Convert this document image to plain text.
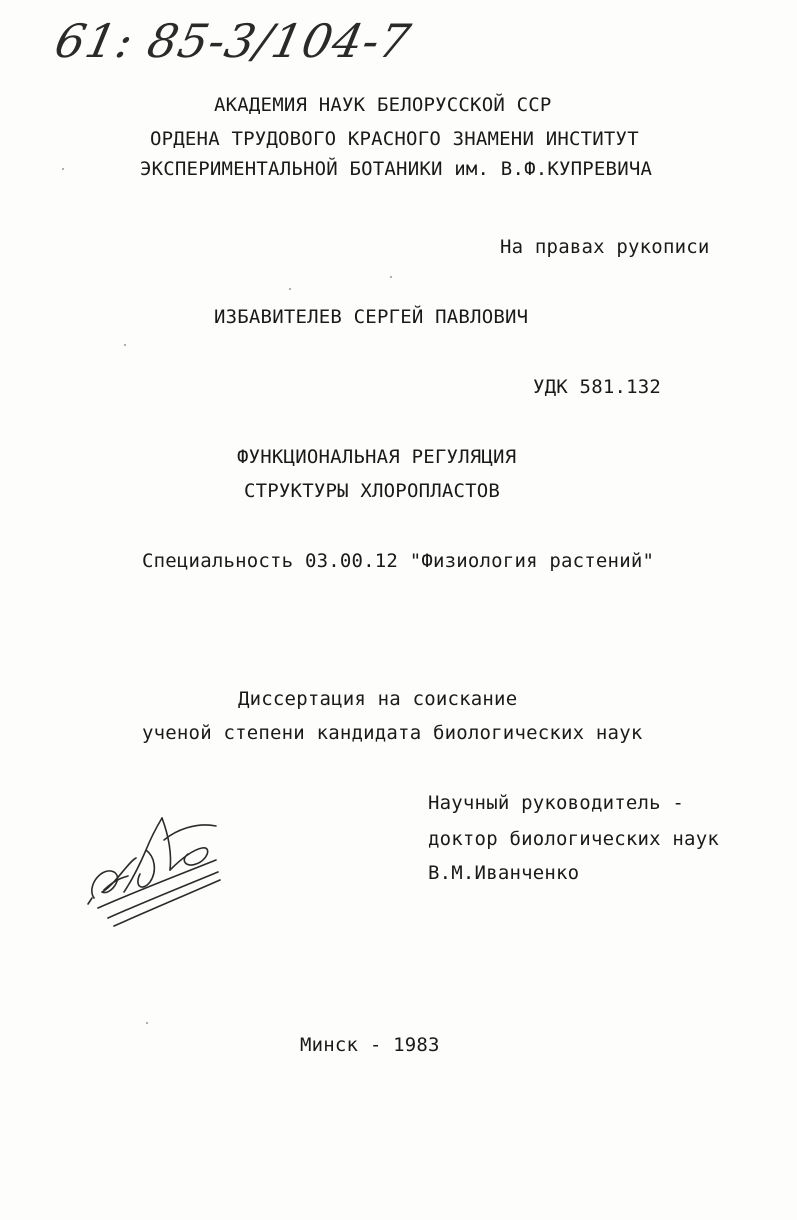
61: 85-3/104-7
АКАДЕМИЯ НАУК БЕЛОРУССКОЙ ССР
ОРДЕНА ТРУДОВОГО КРАСНОГО ЗНАМЕНИ ИНСТИТУТ
ЭКСПЕРИМЕНТАЛЬНОЙ БОТАНИКИ им. В.Ф.КУПРЕВИЧА
На правах рукописи
ИЗБАВИТЕЛЕВ СЕРГЕЙ ПАВЛОВИЧ
УДК 581.132
ФУНКЦИОНАЛЬНАЯ РЕГУЛЯЦИЯ
СТРУКТУРЫ ХЛОРОПЛАСТОВ
Специальность 03.00.12 "Физиология растений"
Диссертация на соискание
ученой степени кандидата биологических наук
Научный руководитель -
доктор биологических наук
В.М.Иванченко
Минск - 1983
